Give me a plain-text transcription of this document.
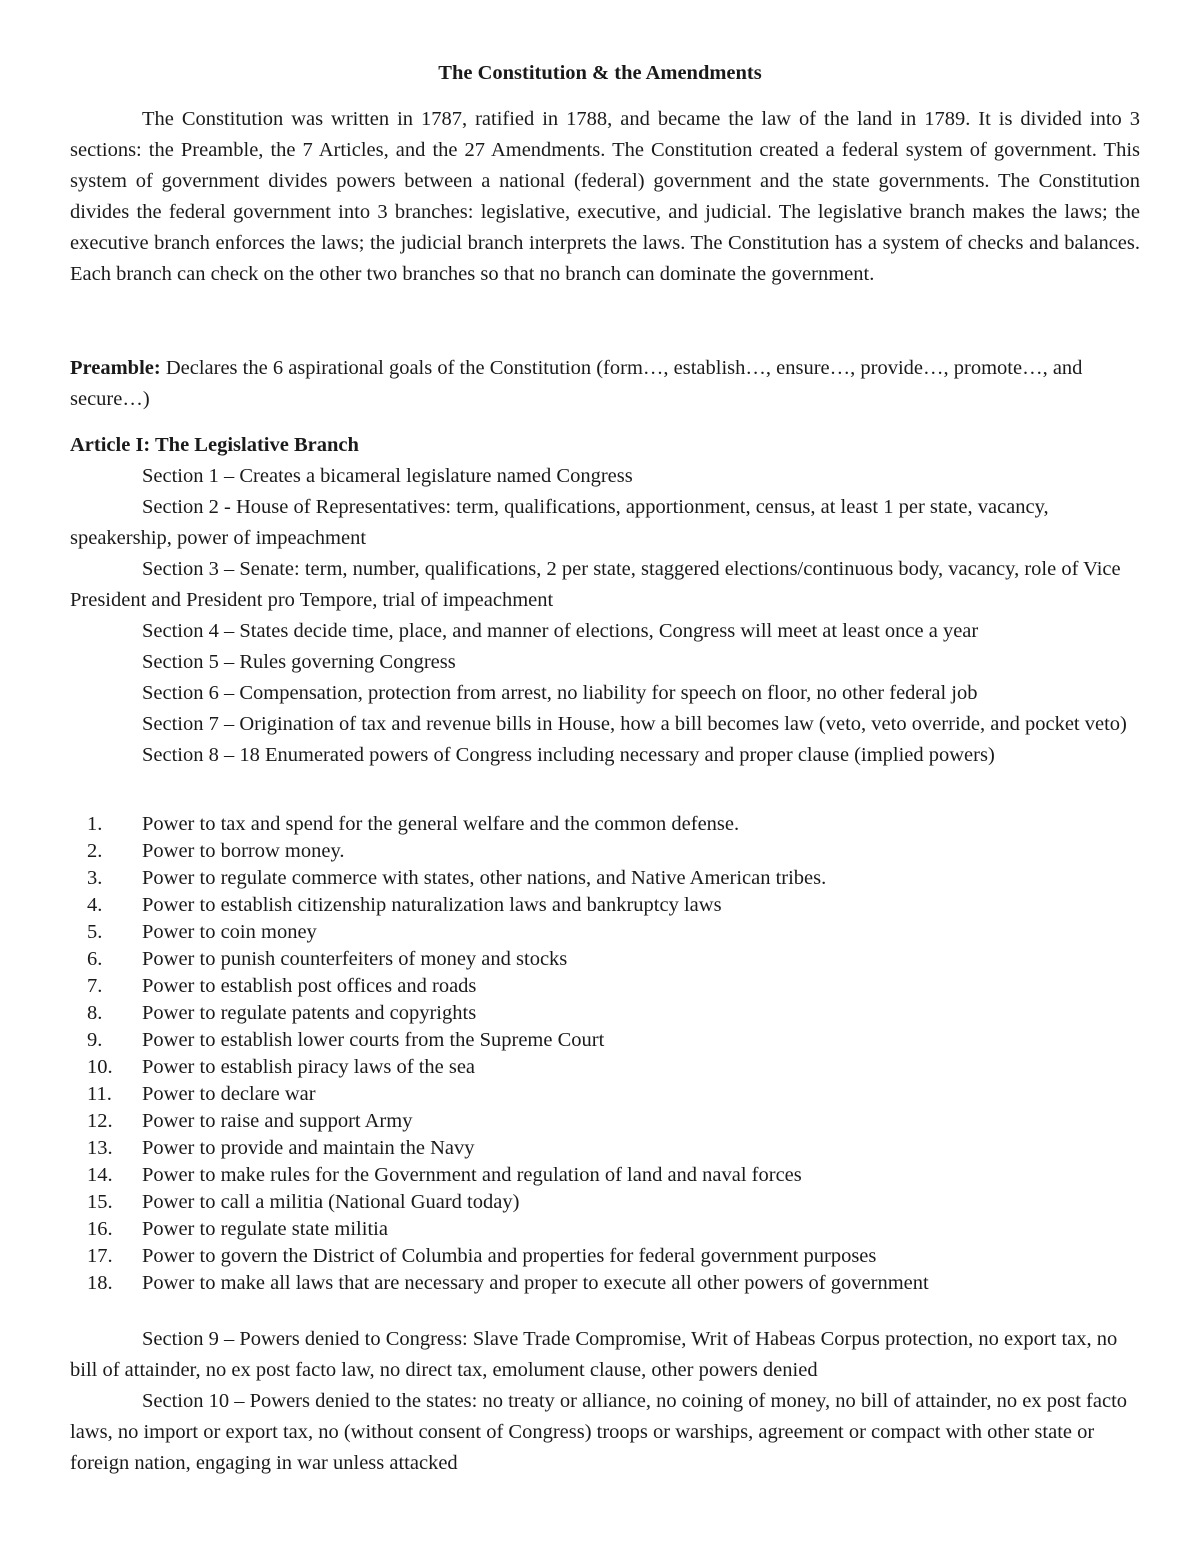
The Constitution & the Amendments

The Constitution was written in 1787, ratified in 1788, and became the law of the land in 1789. It is divided into 3 sections: the Preamble, the 7 Articles, and the 27 Amendments. The Constitution created a federal system of government. This system of government divides powers between a national (federal) government and the state governments. The Constitution divides the federal government into 3 branches: legislative, executive, and judicial. The legislative branch makes the laws; the executive branch enforces the laws; the judicial branch interprets the laws. The Constitution has a system of checks and balances. Each branch can check on the other two branches so that no branch can dominate the government.

Preamble: Declares the 6 aspirational goals of the Constitution (form…, establish…, ensure…, provide…, promote…, and secure…)

Article I: The Legislative Branch

Section 1 – Creates a bicameral legislature named Congress

Section 2 - House of Representatives: term, qualifications, apportionment, census, at least 1 per state, vacancy, speakership, power of impeachment

Section 3 – Senate: term, number, qualifications, 2 per state, staggered elections/continuous body, vacancy, role of Vice President and President pro Tempore, trial of impeachment

Section 4 – States decide time, place, and manner of elections, Congress will meet at least once a year

Section 5 – Rules governing Congress

Section 6 – Compensation, protection from arrest, no liability for speech on floor, no other federal job

Section 7 – Origination of tax and revenue bills in House, how a bill becomes law (veto, veto override, and pocket veto)

Section 8 – 18 Enumerated powers of Congress including necessary and proper clause (implied powers)

1.	Power to tax and spend for the general welfare and the common defense.
2.	Power to borrow money.
3.	Power to regulate commerce with states, other nations, and Native American tribes.
4.	Power to establish citizenship naturalization laws and bankruptcy laws
5.	Power to coin money
6.	Power to punish counterfeiters of money and stocks
7.	Power to establish post offices and roads
8.	Power to regulate patents and copyrights
9.	Power to establish lower courts from the Supreme Court
10.	Power to establish piracy laws of the sea
11.	Power to declare war
12.	Power to raise and support Army
13.	Power to provide and maintain the Navy
14.	Power to make rules for the Government and regulation of land and naval forces
15.	Power to call a militia (National Guard today)
16.	Power to regulate state militia
17.	Power to govern the District of Columbia and properties for federal government purposes
18.	Power to make all laws that are necessary and proper to execute all other powers of government

Section 9 – Powers denied to Congress: Slave Trade Compromise, Writ of Habeas Corpus protection, no export tax, no bill of attainder, no ex post facto law, no direct tax, emolument clause, other powers denied

Section 10 – Powers denied to the states: no treaty or alliance, no coining of money, no bill of attainder, no ex post facto laws, no import or export tax, no (without consent of Congress) troops or warships, agreement or compact with other state or foreign nation, engaging in war unless attacked
